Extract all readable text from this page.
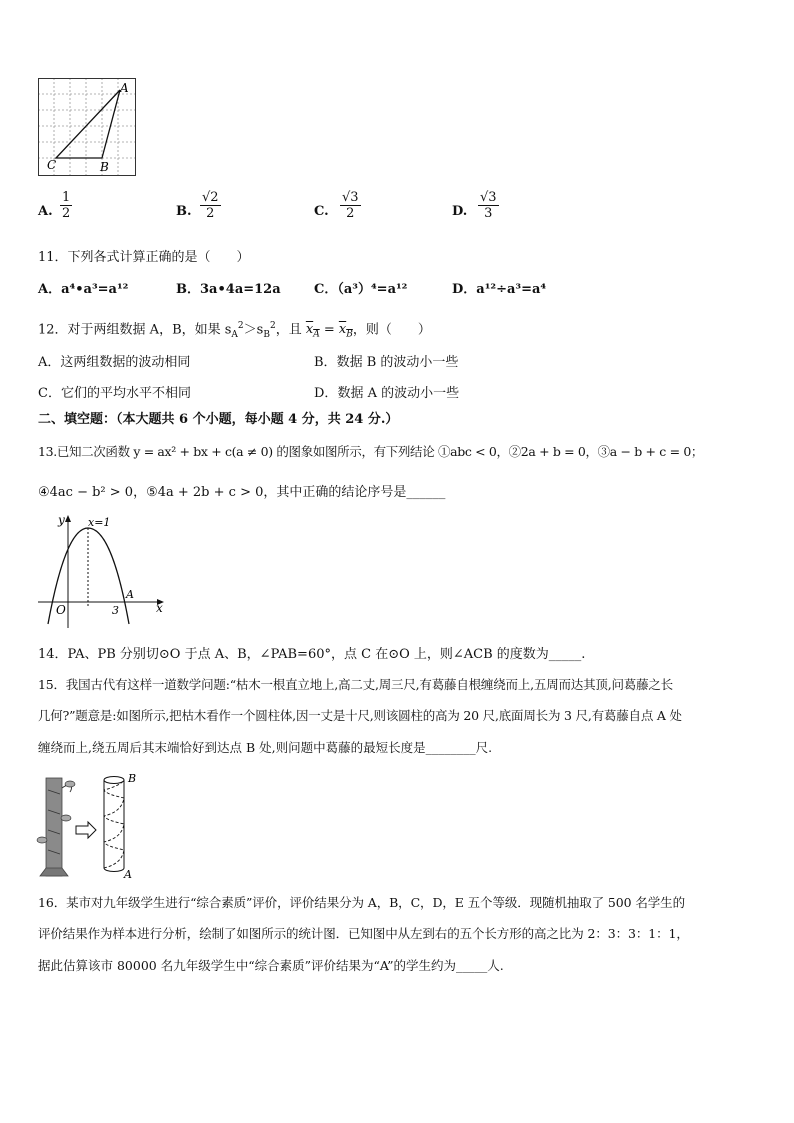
A
B
C
A. $\frac{1}{2}$	B. $\frac{√2}{2}$	C. $\frac{√3}{2}$	D. $\frac{√3}{3}$
11．下列各式计算正确的是（　　）
A．a⁴•a³=a¹²	B．3a•4a=12a	C．（a³）⁴=a¹²	D．a¹²÷a³=a⁴
12．对于两组数据 A，B，如果 $s_A^2>s_B^2$，且 $x_A = x_B$，则（　　）
A．这两组数据的波动相同	B．数据 B 的波动小一些
C．它们的平均水平不相同	D．数据 A 的波动小一些
二、填空题：（本大题共 6 个小题，每小题 4 分，共 24 分.）
13.已知二次函数 y = ax² + bx + c(a ≠ 0) 的图象如图所示，有下列结论 ①abc < 0，②2a + b = 0，③a − b + c = 0；
④4ac − b² > 0，⑤4a + 2b + c > 0，其中正确的结论序号是______
y
x
x=1
O
A
3
14．PA、PB 分别切⊙O 于点 A、B，∠PAB=60°，点 C 在⊙O 上，则∠ACB 的度数为_____.
15．我国古代有这样一道数学问题:“枯木一根直立地上,高二丈,周三尺,有葛藤自根缠绕而上,五周而达其顶,问葛藤之长
几何?”题意是:如图所示,把枯木看作一个圆柱体,因一丈是十尺,则该圆柱的高为 20 尺,底面周长为 3 尺,有葛藤自点 A 处
缠绕而上,绕五周后其末端恰好到达点 B 处,则问题中葛藤的最短长度是________尺.
B
A
16．某市对九年级学生进行“综合素质”评价，评价结果分为 A，B，C，D，E 五个等级．现随机抽取了 500 名学生的
评价结果作为样本进行分析，绘制了如图所示的统计图．已知图中从左到右的五个长方形的高之比为 2：3：3：1：1，
据此估算该市 80000 名九年级学生中“综合素质”评价结果为“A”的学生约为_____人.
